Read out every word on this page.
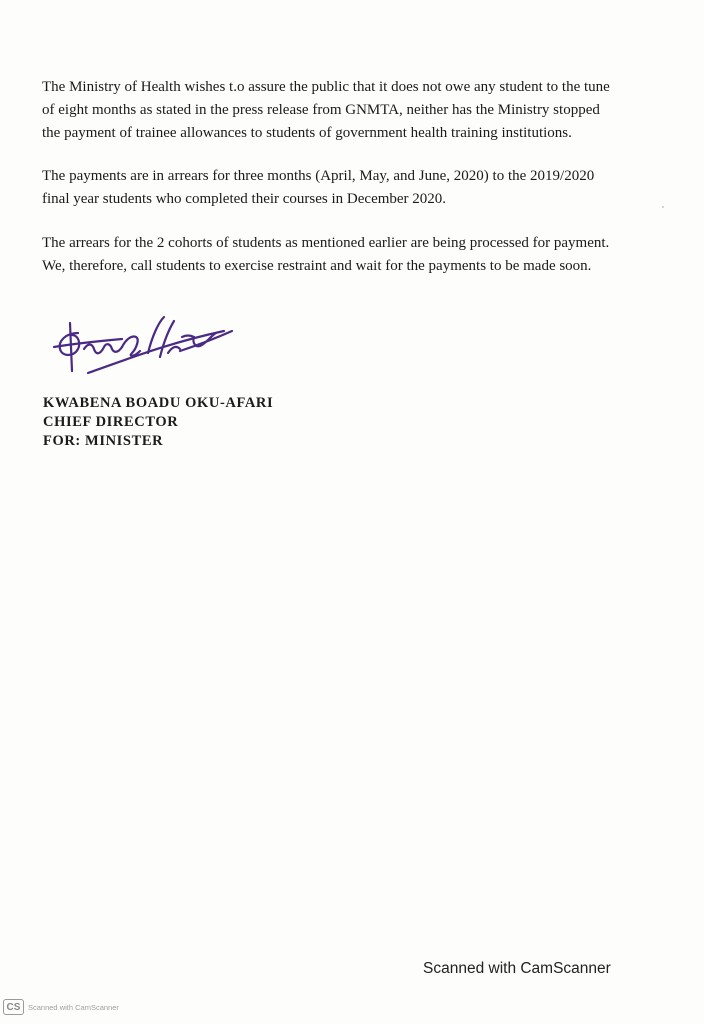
The Ministry of Health wishes t.o assure the public that it does not owe any student to the tune
of eight months as stated in the press release from GNMTA, neither has the Ministry stopped
the payment of trainee allowances to students of government health training institutions.

The payments are in arrears for three months (April, May, and June, 2020) to the 2019/2020
final year students who completed their courses in December 2020.

The arrears for the 2 cohorts of students as mentioned earlier are being processed for payment.
We, therefore, call students to exercise restraint and wait for the payments to be made soon.

KWABENA BOADU OKU-AFARI
CHIEF DIRECTOR
FOR: MINISTER
Scanned with CamScanner
CS	Scanned with CamScanner
